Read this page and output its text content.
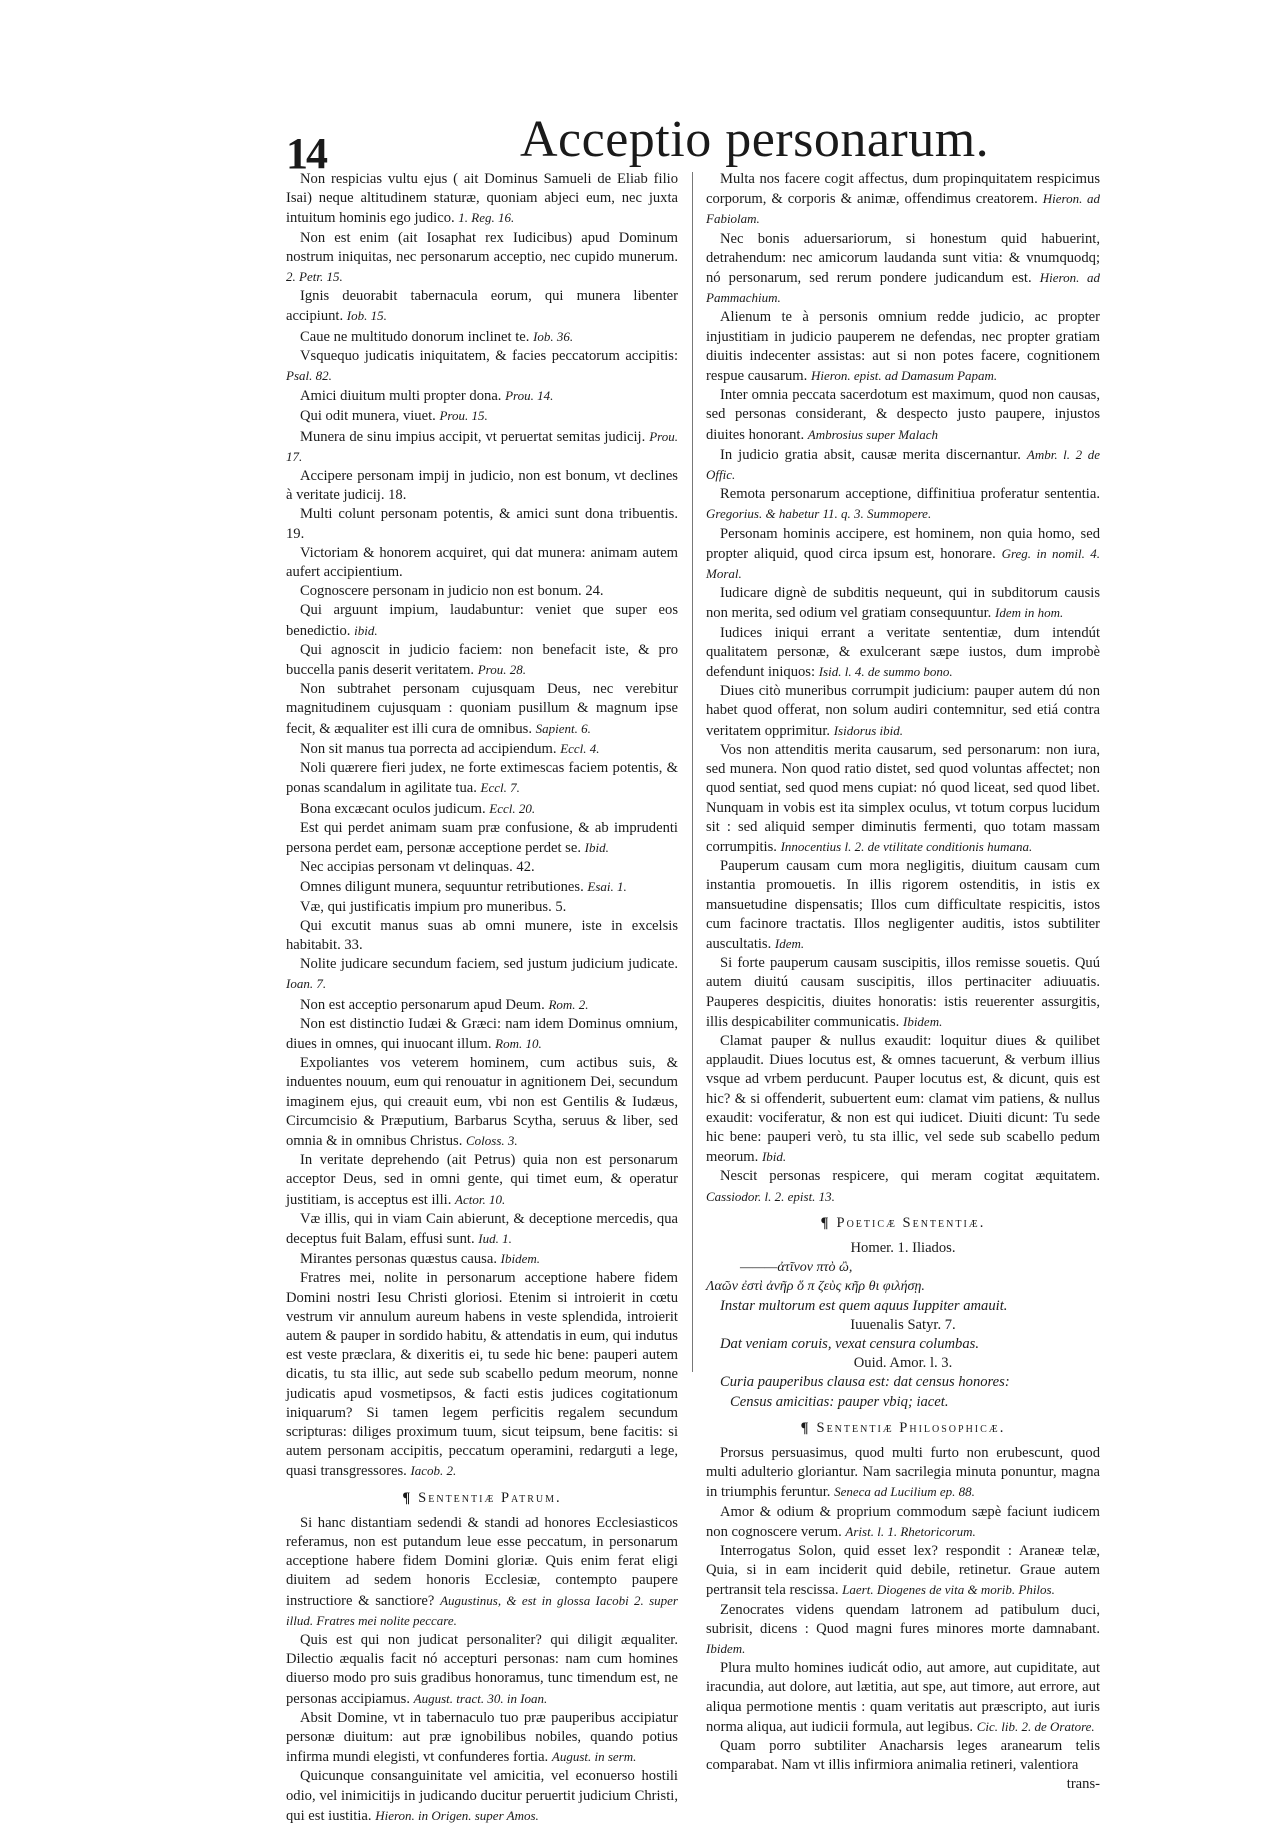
14	Acceptio personarum.

Non respicias vultu ejus ( ait Dominus Samueli de Eliab filio Isai) neque altitudinem staturæ, quoniam abjeci eum, nec juxta intuitum hominis ego judico. 1. Reg. 16.

Non est enim (ait Iosaphat rex Iudicibus) apud Dominum nostrum iniquitas, nec personarum acceptio, nec cupido munerum. 2. Petr. 15.

Ignis deuorabit tabernacula eorum, qui munera libenter accipiunt. Iob. 15.

Caue ne multitudo donorum inclinet te. Iob. 36.

Vsquequo judicatis iniquitatem, & facies peccatorum accipitis: Psal. 82.

Amici diuitum multi propter dona. Prou. 14.

Qui odit munera, viuet. Prou. 15.

Munera de sinu impius accipit, vt peruertat semitas judicij. Prou. 17.

Accipere personam impij in judicio, non est bonum, vt declines à veritate judicij. 18.

Multi colunt personam potentis, & amici sunt dona tribuentis. 19.

Victoriam & honorem acquiret, qui dat munera: animam autem aufert accipientium.

Cognoscere personam in judicio non est bonum. 24.

Qui arguunt impium, laudabuntur: veniet que super eos benedictio. ibid.

Qui agnoscit in judicio faciem: non benefacit iste, & pro buccella panis deserit veritatem. Prou. 28.

Non subtrahet personam cujusquam Deus, nec verebitur magnitudinem cujusquam : quoniam pusillum & magnum ipse fecit, & æqualiter est illi cura de omnibus. Sapient. 6.

Non sit manus tua porrecta ad accipiendum. Eccl. 4.

Noli quærere fieri judex, ne forte extimescas faciem potentis, & ponas scandalum in agilitate tua. Eccl. 7.

Bona excæcant oculos judicum. Eccl. 20.

Est qui perdet animam suam præ confusione, & ab imprudenti persona perdet eam, personæ acceptione perdet se. Ibid.

Nec accipias personam vt delinquas. 42.

Omnes diligunt munera, sequuntur retributiones. Esai. 1.

Væ, qui justificatis impium pro muneribus. 5.

Qui excutit manus suas ab omni munere, iste in excelsis habitabit. 33.

Nolite judicare secundum faciem, sed justum judicium judicate. Ioan. 7.

Non est acceptio personarum apud Deum. Rom. 2.

Non est distinctio Iudæi & Græci: nam idem Dominus omnium, diues in omnes, qui inuocant illum. Rom. 10.

Expoliantes vos veterem hominem, cum actibus suis, & induentes nouum, eum qui renouatur in agnitionem Dei, secundum imaginem ejus, qui creauit eum, vbi non est Gentilis & Iudæus, Circumcisio & Præputium, Barbarus Scytha, seruus & liber, sed omnia & in omnibus Christus. Coloss. 3.

In veritate deprehendo (ait Petrus) quia non est personarum acceptor Deus, sed in omni gente, qui timet eum, & operatur justitiam, is acceptus est illi. Actor. 10.

Væ illis, qui in viam Cain abierunt, & deceptione mercedis, qua deceptus fuit Balam, effusi sunt. Iud. 1.

Mirantes personas quæstus causa. Ibidem.

Fratres mei, nolite in personarum acceptione habere fidem Domini nostri Iesu Christi gloriosi. Etenim si introierit in cœtu vestrum vir annulum aureum habens in veste splendida, introierit autem & pauper in sordido habitu, & attendatis in eum, qui indutus est veste præclara, & dixeritis ei, tu sede hic bene: pauperi autem dicatis, tu sta illic, aut sede sub scabello pedum meorum, nonne judicatis apud vosmetipsos, & facti estis judices cogitationum iniquarum? Si tamen legem perficitis regalem secundum scripturas: diliges proximum tuum, sicut teipsum, bene facitis: si autem personam accipitis, peccatum operamini, redarguti a lege, quasi transgressores. Iacob. 2.

¶ Sententiæ Patrum.

Si hanc distantiam sedendi & standi ad honores Ecclesiasticos referamus, non est putandum leue esse peccatum, in personarum acceptione habere fidem Domini gloriæ. Quis enim ferat eligi diuitem ad sedem honoris Ecclesiæ, contempto paupere instructiore & sanctiore? Augustinus, & est in glossa Iacobi 2. super illud. Fratres mei nolite peccare.

Quis est qui non judicat personaliter? qui diligit æqualiter. Dilectio æqualis facit nó accepturi personas: nam cum homines diuerso modo pro suis gradibus honoramus, tunc timendum est, ne personas accipiamus. August. tract. 30. in Ioan.

Absit Domine, vt in tabernaculo tuo præ pauperibus accipiatur personæ diuitum: aut præ ignobilibus nobiles, quando potius infirma mundi elegisti, vt confunderes fortia. August. in serm.

Quicunque consanguinitate vel amicitia, vel econuerso hostili odio, vel inimicitijs in judicando ducitur peruertit judicium Christi, qui est iustitia. Hieron. in Origen. super Amos.

Multa nos facere cogit affectus, dum propinquitatem respicimus corporum, & corporis & animæ, offendimus creatorem. Hieron. ad Fabiolam.

Nec bonis aduersariorum, si honestum quid habuerint, detrahendum: nec amicorum laudanda sunt vitia: & vnumquodq; nó personarum, sed rerum pondere judicandum est. Hieron. ad Pammachium.

Alienum te à personis omnium redde judicio, ac propter injustitiam in judicio pauperem ne defendas, nec propter gratiam diuitis indecenter assistas: aut si non potes facere, cognitionem respue causarum. Hieron. epist. ad Damasum Papam.

Inter omnia peccata sacerdotum est maximum, quod non causas, sed personas considerant, & despecto justo paupere, injustos diuites honorant. Ambrosius super Malach

In judicio gratia absit, causæ merita discernantur. Ambr. l. 2 de Offic.

Remota personarum acceptione, diffinitiua proferatur sententia. Gregorius. & habetur 11. q. 3. Summopere.

Personam hominis accipere, est hominem, non quia homo, sed propter aliquid, quod circa ipsum est, honorare. Greg. in nomil. 4. Moral.

Iudicare dignè de subditis nequeunt, qui in subditorum causis non merita, sed odium vel gratiam consequuntur. Idem in hom.

Iudices iniqui errant a veritate sententiæ, dum intendút qualitatem personæ, & exulcerant sæpe iustos, dum improbè defendunt iniquos: Isid. l. 4. de summo bono.

Diues citò muneribus corrumpit judicium: pauper autem dú non habet quod offerat, non solum audiri contemnitur, sed etiá contra veritatem opprimitur. Isidorus ibid.

Vos non attenditis merita causarum, sed personarum: non iura, sed munera. Non quod ratio distet, sed quod voluntas affectet; non quod sentiat, sed quod mens cupiat: nó quod liceat, sed quod libet. Nunquam in vobis est ita simplex oculus, vt totum corpus lucidum sit : sed aliquid semper diminutis fermenti, quo totam massam corrumpitis. Innocentius l. 2. de vtilitate conditionis humana.

Pauperum causam cum mora negligitis, diuitum causam cum instantia promouetis. In illis rigorem ostenditis, in istis ex mansuetudine dispensatis; Illos cum difficultate respicitis, istos cum facinore tractatis. Illos negligenter auditis, istos subtiliter auscultatis. Idem.

Si forte pauperum causam suscipitis, illos remisse souetis. Quú autem diuitú causam suscipitis, illos pertinaciter adiuuatis. Pauperes despicitis, diuites honoratis: istis reuerenter assurgitis, illis despicabiliter communicatis. Ibidem.

Clamat pauper & nullus exaudit: loquitur diues & quilibet applaudit. Diues locutus est, & omnes tacuerunt, & verbum illius vsque ad vrbem perducunt. Pauper locutus est, & dicunt, quis est hic? & si offenderit, subuertent eum: clamat vim patiens, & nullus exaudit: vociferatur, & non est qui iudicet. Diuiti dicunt: Tu sede hic bene: pauperi verò, tu sta illic, vel sede sub scabello pedum meorum. Ibid.

Nescit personas respicere, qui meram cogitat æquitatem. Cassiodor. l. 2. epist. 13.

¶ Poeticæ Sententiæ.

Homer. 1. Iliados.

———ἀτῖνον πτὸ ὢ,

Λαῶν ἐστὶ ἀνῆρ ὅ π ζεὺς κῆρ θι φιλήσῃ.

Instar multorum est quem aquus Iuppiter amauit.

Iuuenalis Satyr. 7.

Dat veniam coruis, vexat censura columbas.

Ouid. Amor. l. 3.

Curia pauperibus clausa est: dat census honores:

Census amicitias: pauper vbiq; iacet.

¶ Sententiæ Philosophicæ.

Prorsus persuasimus, quod multi furto non erubescunt, quod multi adulterio gloriantur. Nam sacrilegia minuta ponuntur, magna in triumphis feruntur. Seneca ad Lucilium ep. 88.

Amor & odium & proprium commodum sæpè faciunt iudicem non cognoscere verum. Arist. l. 1. Rhetoricorum.

Interrogatus Solon, quid esset lex? respondit : Araneæ telæ, Quia, si in eam inciderit quid debile, retinetur. Graue autem pertransit tela rescissa. Laert. Diogenes de vita & morib. Philos.

Zenocrates videns quendam latronem ad patibulum duci, subrisit, dicens : Quod magni fures minores morte damnabant. Ibidem.

Plura multo homines iudicát odio, aut amore, aut cupiditate, aut iracundia, aut dolore, aut lætitia, aut spe, aut timore, aut errore, aut aliqua permotione mentis : quam veritatis aut præscripto, aut iuris norma aliqua, aut iudicii formula, aut legibus. Cic. lib. 2. de Oratore.

Quam porro subtiliter Anacharsis leges aranearum telis comparabat. Nam vt illis infirmiora animalia retineri, valentiora

trans-
